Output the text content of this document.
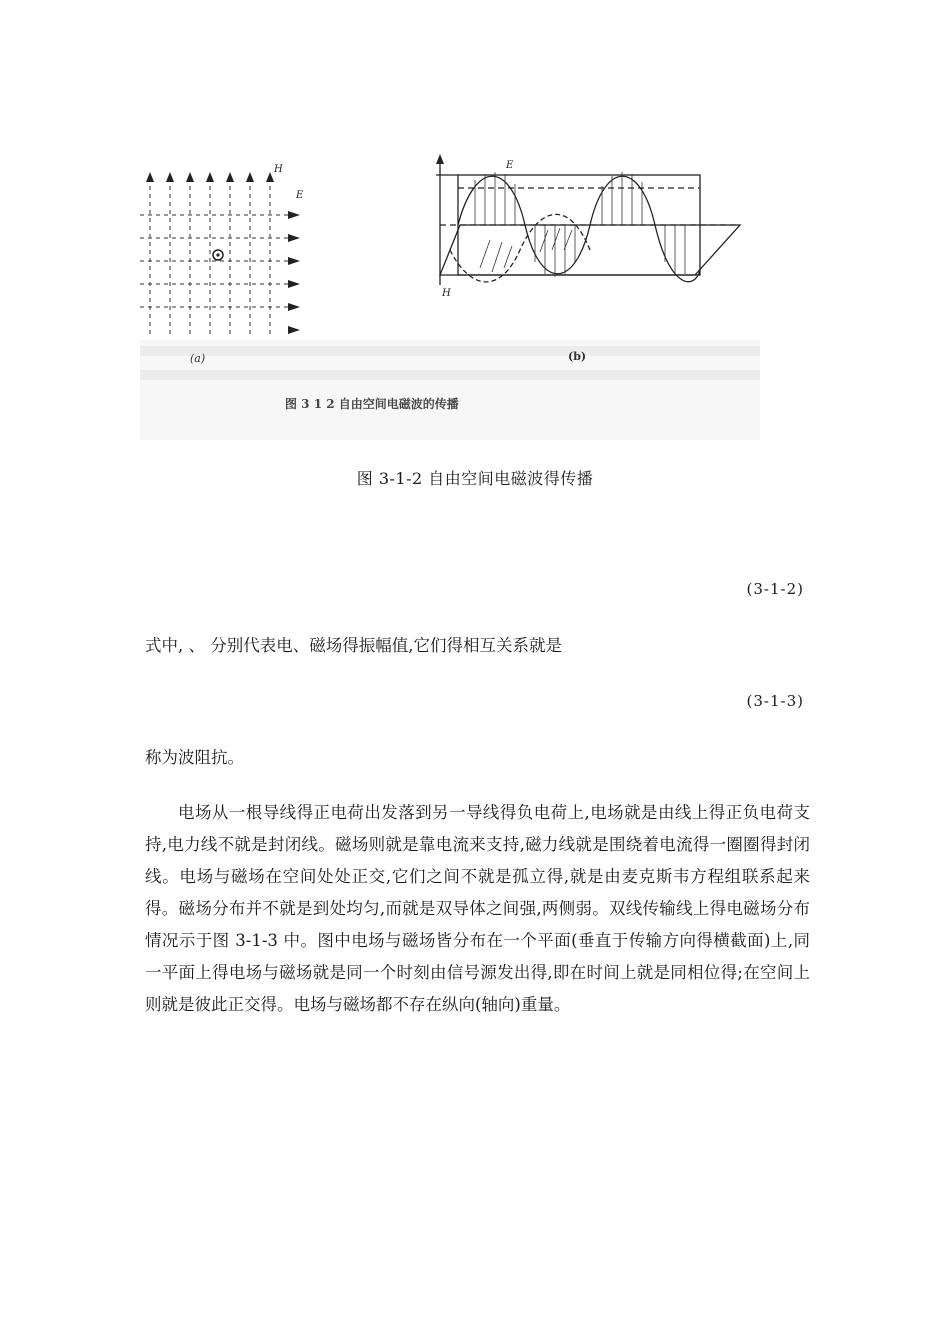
H
E
(a)
E
H
(b)
图 3 1 2 自由空间电磁波的传播
图 3-1-2 自由空间电磁波得传播
(3-1-2)
式中, 、 分别代表电、磁场得振幅值,它们得相互关系就是
(3-1-3)
称为波阻抗。
电场从一根导线得正电荷出发落到另一导线得负电荷上,电场就是由线上得正负电荷支持,电力线不就是封闭线。磁场则就是靠电流来支持,磁力线就是围绕着电流得一圈圈得封闭线。电场与磁场在空间处处正交,它们之间不就是孤立得,就是由麦克斯韦方程组联系起来得。磁场分布并不就是到处均匀,而就是双导体之间强,两侧弱。双线传输线上得电磁场分布情况示于图 3-1-3 中。图中电场与磁场皆分布在一个平面(垂直于传输方向得横截面)上,同一平面上得电场与磁场就是同一个时刻由信号源发出得,即在时间上就是同相位得;在空间上则就是彼此正交得。电场与磁场都不存在纵向(轴向)重量。
